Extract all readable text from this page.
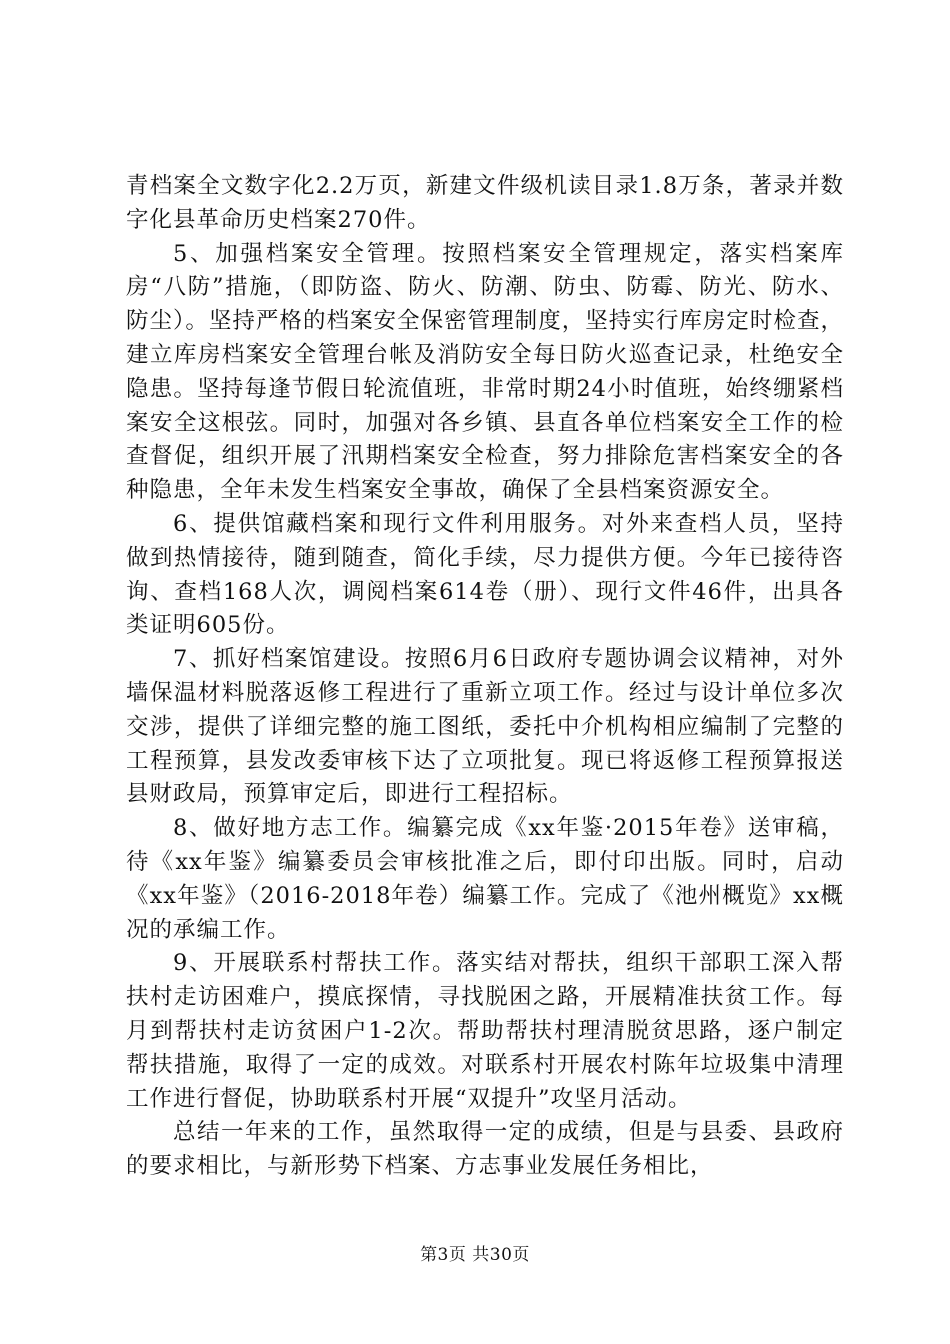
青档案全文数字化2.2万页，新建文件级机读目录1.8万条，著录并数字化县革命历史档案270件。

5、加强档案安全管理。按照档案安全管理规定，落实档案库房“八防”措施，（即防盗、防火、防潮、防虫、防霉、防光、防水、防尘）。坚持严格的档案安全保密管理制度，坚持实行库房定时检查，建立库房档案安全管理台帐及消防安全每日防火巡查记录，杜绝安全隐患。坚持每逢节假日轮流值班，非常时期24小时值班，始终绷紧档案安全这根弦。同时，加强对各乡镇、县直各单位档案安全工作的检查督促，组织开展了汛期档案安全检查，努力排除危害档案安全的各种隐患，全年未发生档案安全事故，确保了全县档案资源安全。

6、提供馆藏档案和现行文件利用服务。对外来查档人员，坚持做到热情接待，随到随查，简化手续，尽力提供方便。今年已接待咨询、查档168人次，调阅档案614卷（册）、现行文件46件，出具各类证明605份。

7、抓好档案馆建设。按照6月6日政府专题协调会议精神，对外墙保温材料脱落返修工程进行了重新立项工作。经过与设计单位多次交涉，提供了详细完整的施工图纸，委托中介机构相应编制了完整的工程预算，县发改委审核下达了立项批复。现已将返修工程预算报送县财政局，预算审定后，即进行工程招标。

8、做好地方志工作。编纂完成《xx年鉴·2015年卷》送审稿，待《xx年鉴》编纂委员会审核批准之后，即付印出版。同时，启动《xx年鉴》（2016-2018年卷）编纂工作。完成了《池州概览》xx概况的承编工作。

9、开展联系村帮扶工作。落实结对帮扶，组织干部职工深入帮扶村走访困难户，摸底探情，寻找脱困之路，开展精准扶贫工作。每月到帮扶村走访贫困户1-2次。帮助帮扶村理清脱贫思路，逐户制定帮扶措施，取得了一定的成效。对联系村开展农村陈年垃圾集中清理工作进行督促，协助联系村开展“双提升”攻坚月活动。

总结一年来的工作，虽然取得一定的成绩，但是与县委、县政府的要求相比，与新形势下档案、方志事业发展任务相比，

第3页 共30页
